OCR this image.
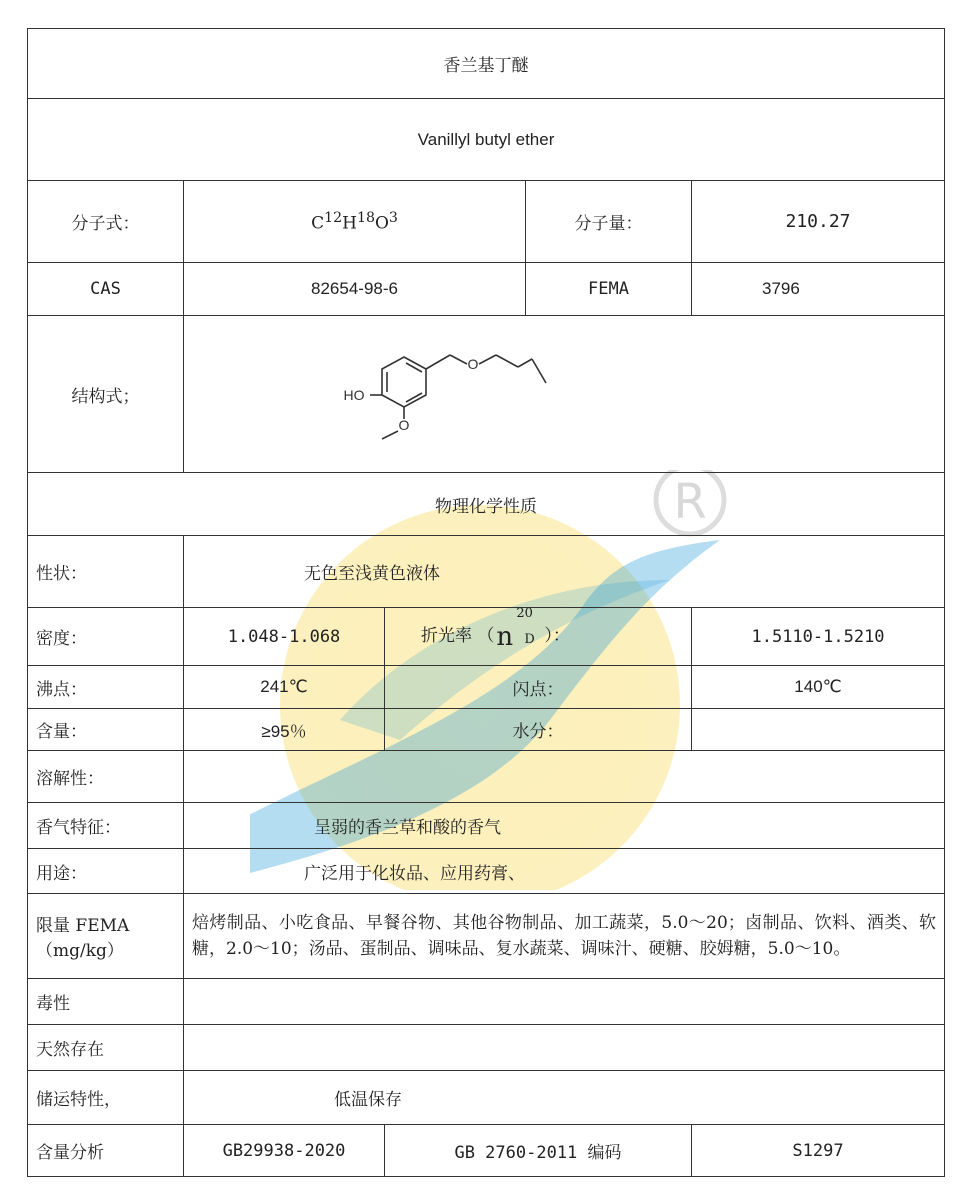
R
香兰基丁醚				
Vanillyl butyl ether				
分子式：	$C^{12}H^{18}O^3$		分子量：	210.27
CAS	82654-98-6		FEMA	3796
结构式；	O
HO
O			

物理化学性质				
性状：	无色至浅黄色液体			
密度：	1.048-1.068	折光率 （ n
20
D ）：		1.5110-1.5210
沸点：	241℃	闪点：		140℃
含量：	≥95％	水分：		
溶解性：				
香气特征：	呈弱的香兰草和酸的香气			
用途：	广泛用于化妆品、应用药膏、			

限量 FEMA
（mg/kg）	焙烤制品、小吃食品、早餐谷物、其他谷物制品、加工蔬菜，5.0～20；卤制品、饮料、酒类、软糖，2.0～10；汤品、蛋制品、调味品、复水蔬菜、调味汁、硬糖、胶姆糖，5.0～10。			
毒性				
天然存在				
储运特性，	低温保存			
含量分析	GB29938-2020	GB 2760-2011 编码		S1297
